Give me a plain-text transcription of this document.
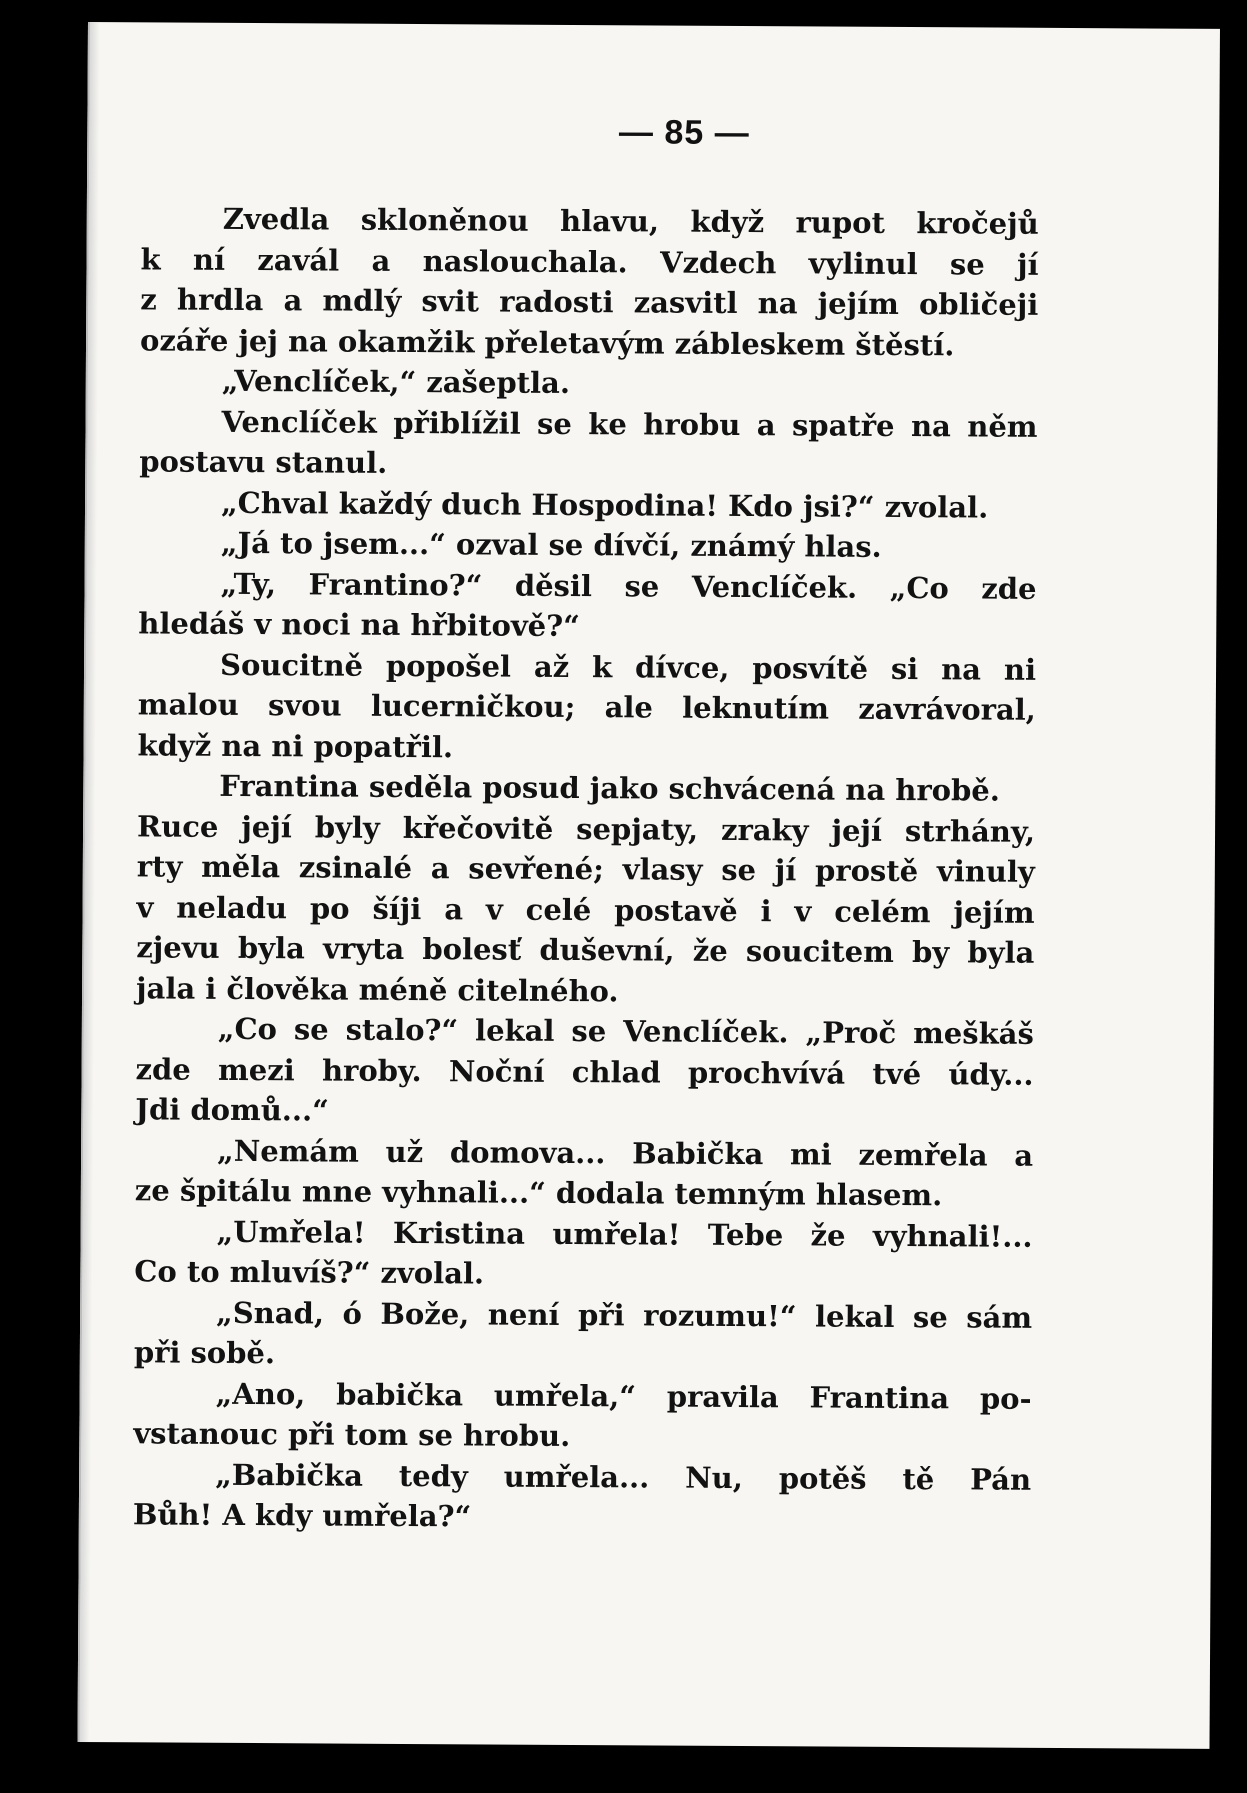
— 85 —
Zvedla skloněnou hlavu, když rupot kročejů
k ní zavál a naslouchala. Vzdech vylinul se jí
z hrdla a mdlý svit radosti zasvitl na jejím obličeji
ozáře jej na okamžik přeletavým zábleskem štěstí.
„Venclíček,“ zašeptla.
Venclíček přiblížil se ke hrobu a spatře na něm
postavu stanul.
„Chval každý duch Hospodina! Kdo jsi?“ zvolal.
„Já to jsem...“ ozval se dívčí, známý hlas.
„Ty, Frantino?“ děsil se Venclíček. „Co zde
hledáš v noci na hřbitově?“
Soucitně popošel až k dívce, posvítě si na ni
malou svou lucerničkou; ale leknutím zavrávoral,
když na ni popatřil.
Frantina seděla posud jako schvácená na hrobě.
Ruce její byly křečovitě sepjaty, zraky její strhány,
rty měla zsinalé a sevřené; vlasy se jí prostě vinuly
v neladu po šíji a v celé postavě i v celém jejím
zjevu byla vryta bolesť duševní, že soucitem by byla
jala i člověka méně citelného.
„Co se stalo?“ lekal se Venclíček. „Proč meškáš
zde mezi hroby. Noční chlad prochvívá tvé údy...
Jdi domů...“
„Nemám už domova... Babička mi zemřela a
ze špitálu mne vyhnali...“ dodala temným hlasem.
„Umřela! Kristina umřela! Tebe že vyhnali!...
Co to mluvíš?“ zvolal.
„Snad, ó Bože, není při rozumu!“ lekal se sám
při sobě.
„Ano, babička umřela,“ pravila Frantina po-
vstanouc při tom se hrobu.
„Babička tedy umřela... Nu, potěš tě Pán
Bůh! A kdy umřela?“
